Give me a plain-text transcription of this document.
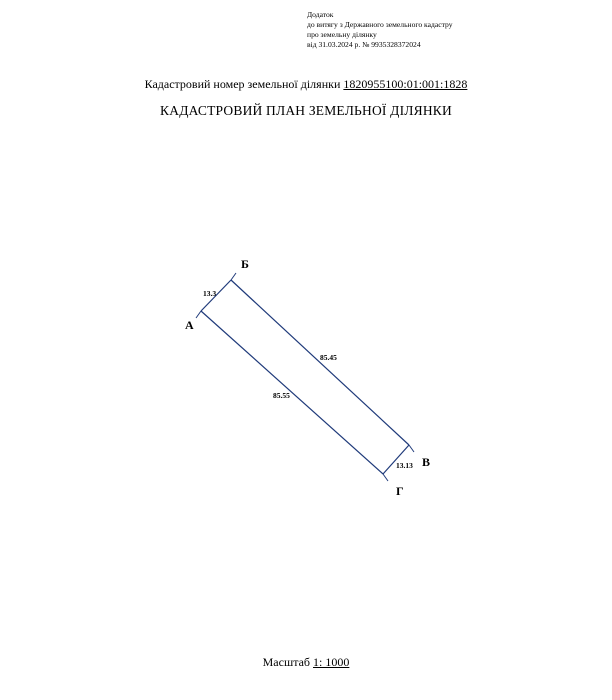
Додаток
до витягу з Державного земельного кадастру
про земельну ділянку
від 31.03.2024 р. № 9935328372024
Кадастровий номер земельної ділянки 1820955100:01:001:1828
КАДАСТРОВИЙ ПЛАН ЗЕМЕЛЬНОЇ ДІЛЯНКИ
А
Б
В
Г
13.3
85.45
85.55
13.13
Масштаб 1: 1000
